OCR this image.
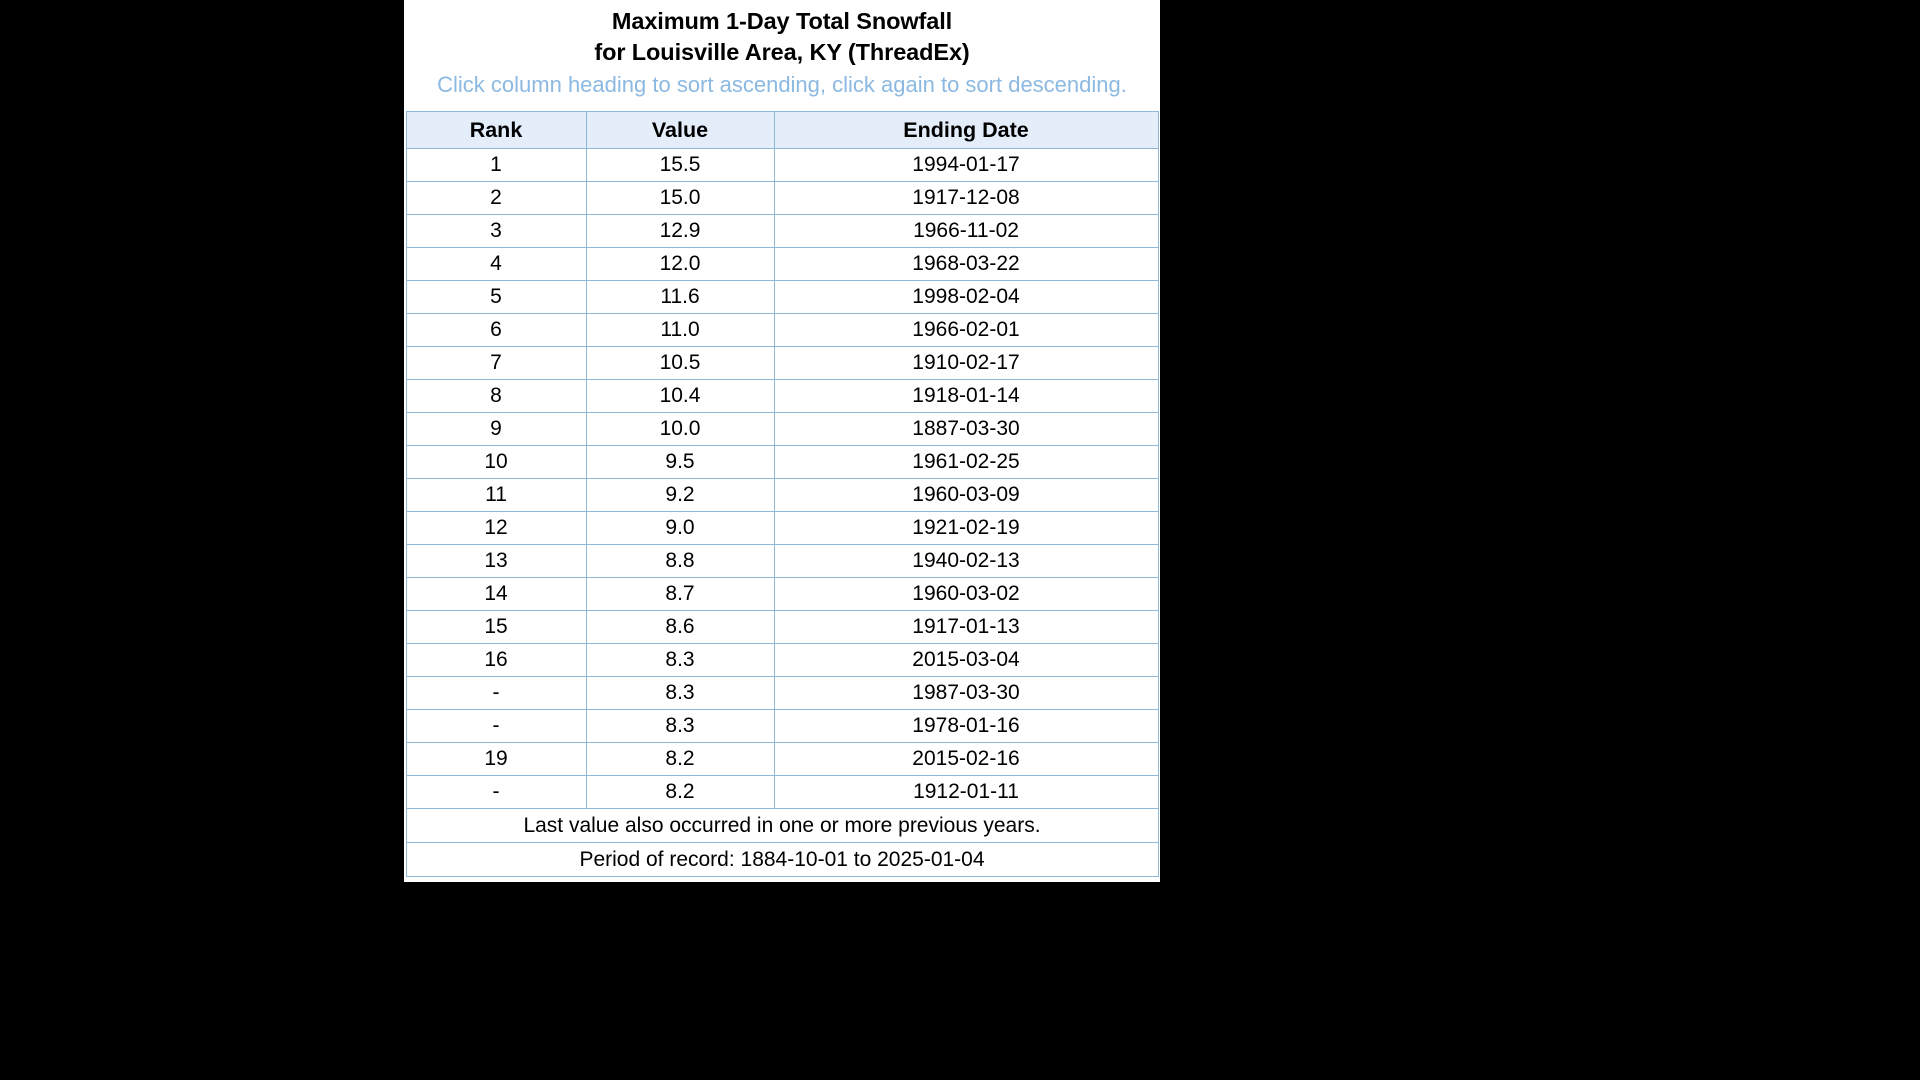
Maximum 1-Day Total Snowfall
for Louisville Area, KY (ThreadEx)
Click column heading to sort ascending, click again to sort descending.
Rank	Value	Ending Date
1	15.5	1994-01-17
2	15.0	1917-12-08
3	12.9	1966-11-02
4	12.0	1968-03-22
5	11.6	1998-02-04
6	11.0	1966-02-01
7	10.5	1910-02-17
8	10.4	1918-01-14
9	10.0	1887-03-30
10	9.5	1961-02-25
11	9.2	1960-03-09
12	9.0	1921-02-19
13	8.8	1940-02-13
14	8.7	1960-03-02
15	8.6	1917-01-13
16	8.3	2015-03-04
-	8.3	1987-03-30
-	8.3	1978-01-16
19	8.2	2015-02-16
-	8.2	1912-01-11
Last value also occurred in one or more previous years.		
Period of record: 1884-10-01 to 2025-01-04		
